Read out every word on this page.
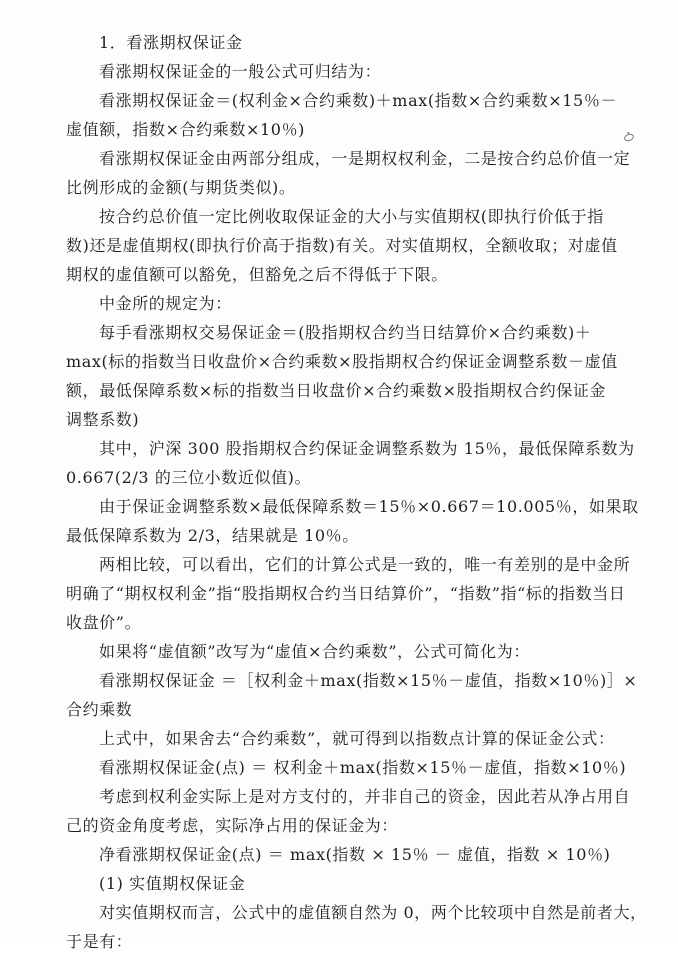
1．看涨期权保证金
看涨期权保证金的一般公式可归结为：
看涨期权保证金＝(权利金×合约乘数)＋max(指数×合约乘数×15％－
虚值额，指数×合约乘数×10％)
看涨期权保证金由两部分组成，一是期权权利金，二是按合约总价值一定
比例形成的金额(与期货类似)。
按合约总价值一定比例收取保证金的大小与实值期权(即执行价低于指
数)还是虚值期权(即执行价高于指数)有关。对实值期权，全额收取；对虚值
期权的虚值额可以豁免，但豁免之后不得低于下限。
中金所的规定为：
每手看涨期权交易保证金＝(股指期权合约当日结算价×合约乘数)＋
max(标的指数当日收盘价×合约乘数×股指期权合约保证金调整系数－虚值
额，最低保障系数×标的指数当日收盘价×合约乘数×股指期权合约保证金
调整系数)
其中，沪深 300 股指期权合约保证金调整系数为 15％，最低保障系数为
0.667(2/3 的三位小数近似值)。
由于保证金调整系数×最低保障系数＝15％×0.667＝10.005％，如果取
最低保障系数为 2/3，结果就是 10％。
两相比较，可以看出，它们的计算公式是一致的，唯一有差别的是中金所
明确了“期权权利金”指“股指期权合约当日结算价”，“指数”指“标的指数当日
收盘价”。
如果将“虚值额”改写为“虚值×合约乘数”，公式可简化为：
看涨期权保证金 ＝［权利金＋max(指数×15％－虚值，指数×10％)］×
合约乘数
上式中，如果舍去“合约乘数”，就可得到以指数点计算的保证金公式：
看涨期权保证金(点) ＝ 权利金＋max(指数×15％－虚值，指数×10％)
考虑到权利金实际上是对方支付的，并非自己的资金，因此若从净占用自
己的资金角度考虑，实际净占用的保证金为：
净看涨期权保证金(点) ＝ max(指数 × 15％ － 虚值，指数 × 10％)
(1) 实值期权保证金
对实值期权而言，公式中的虚值额自然为 0，两个比较项中自然是前者大，
于是有：
